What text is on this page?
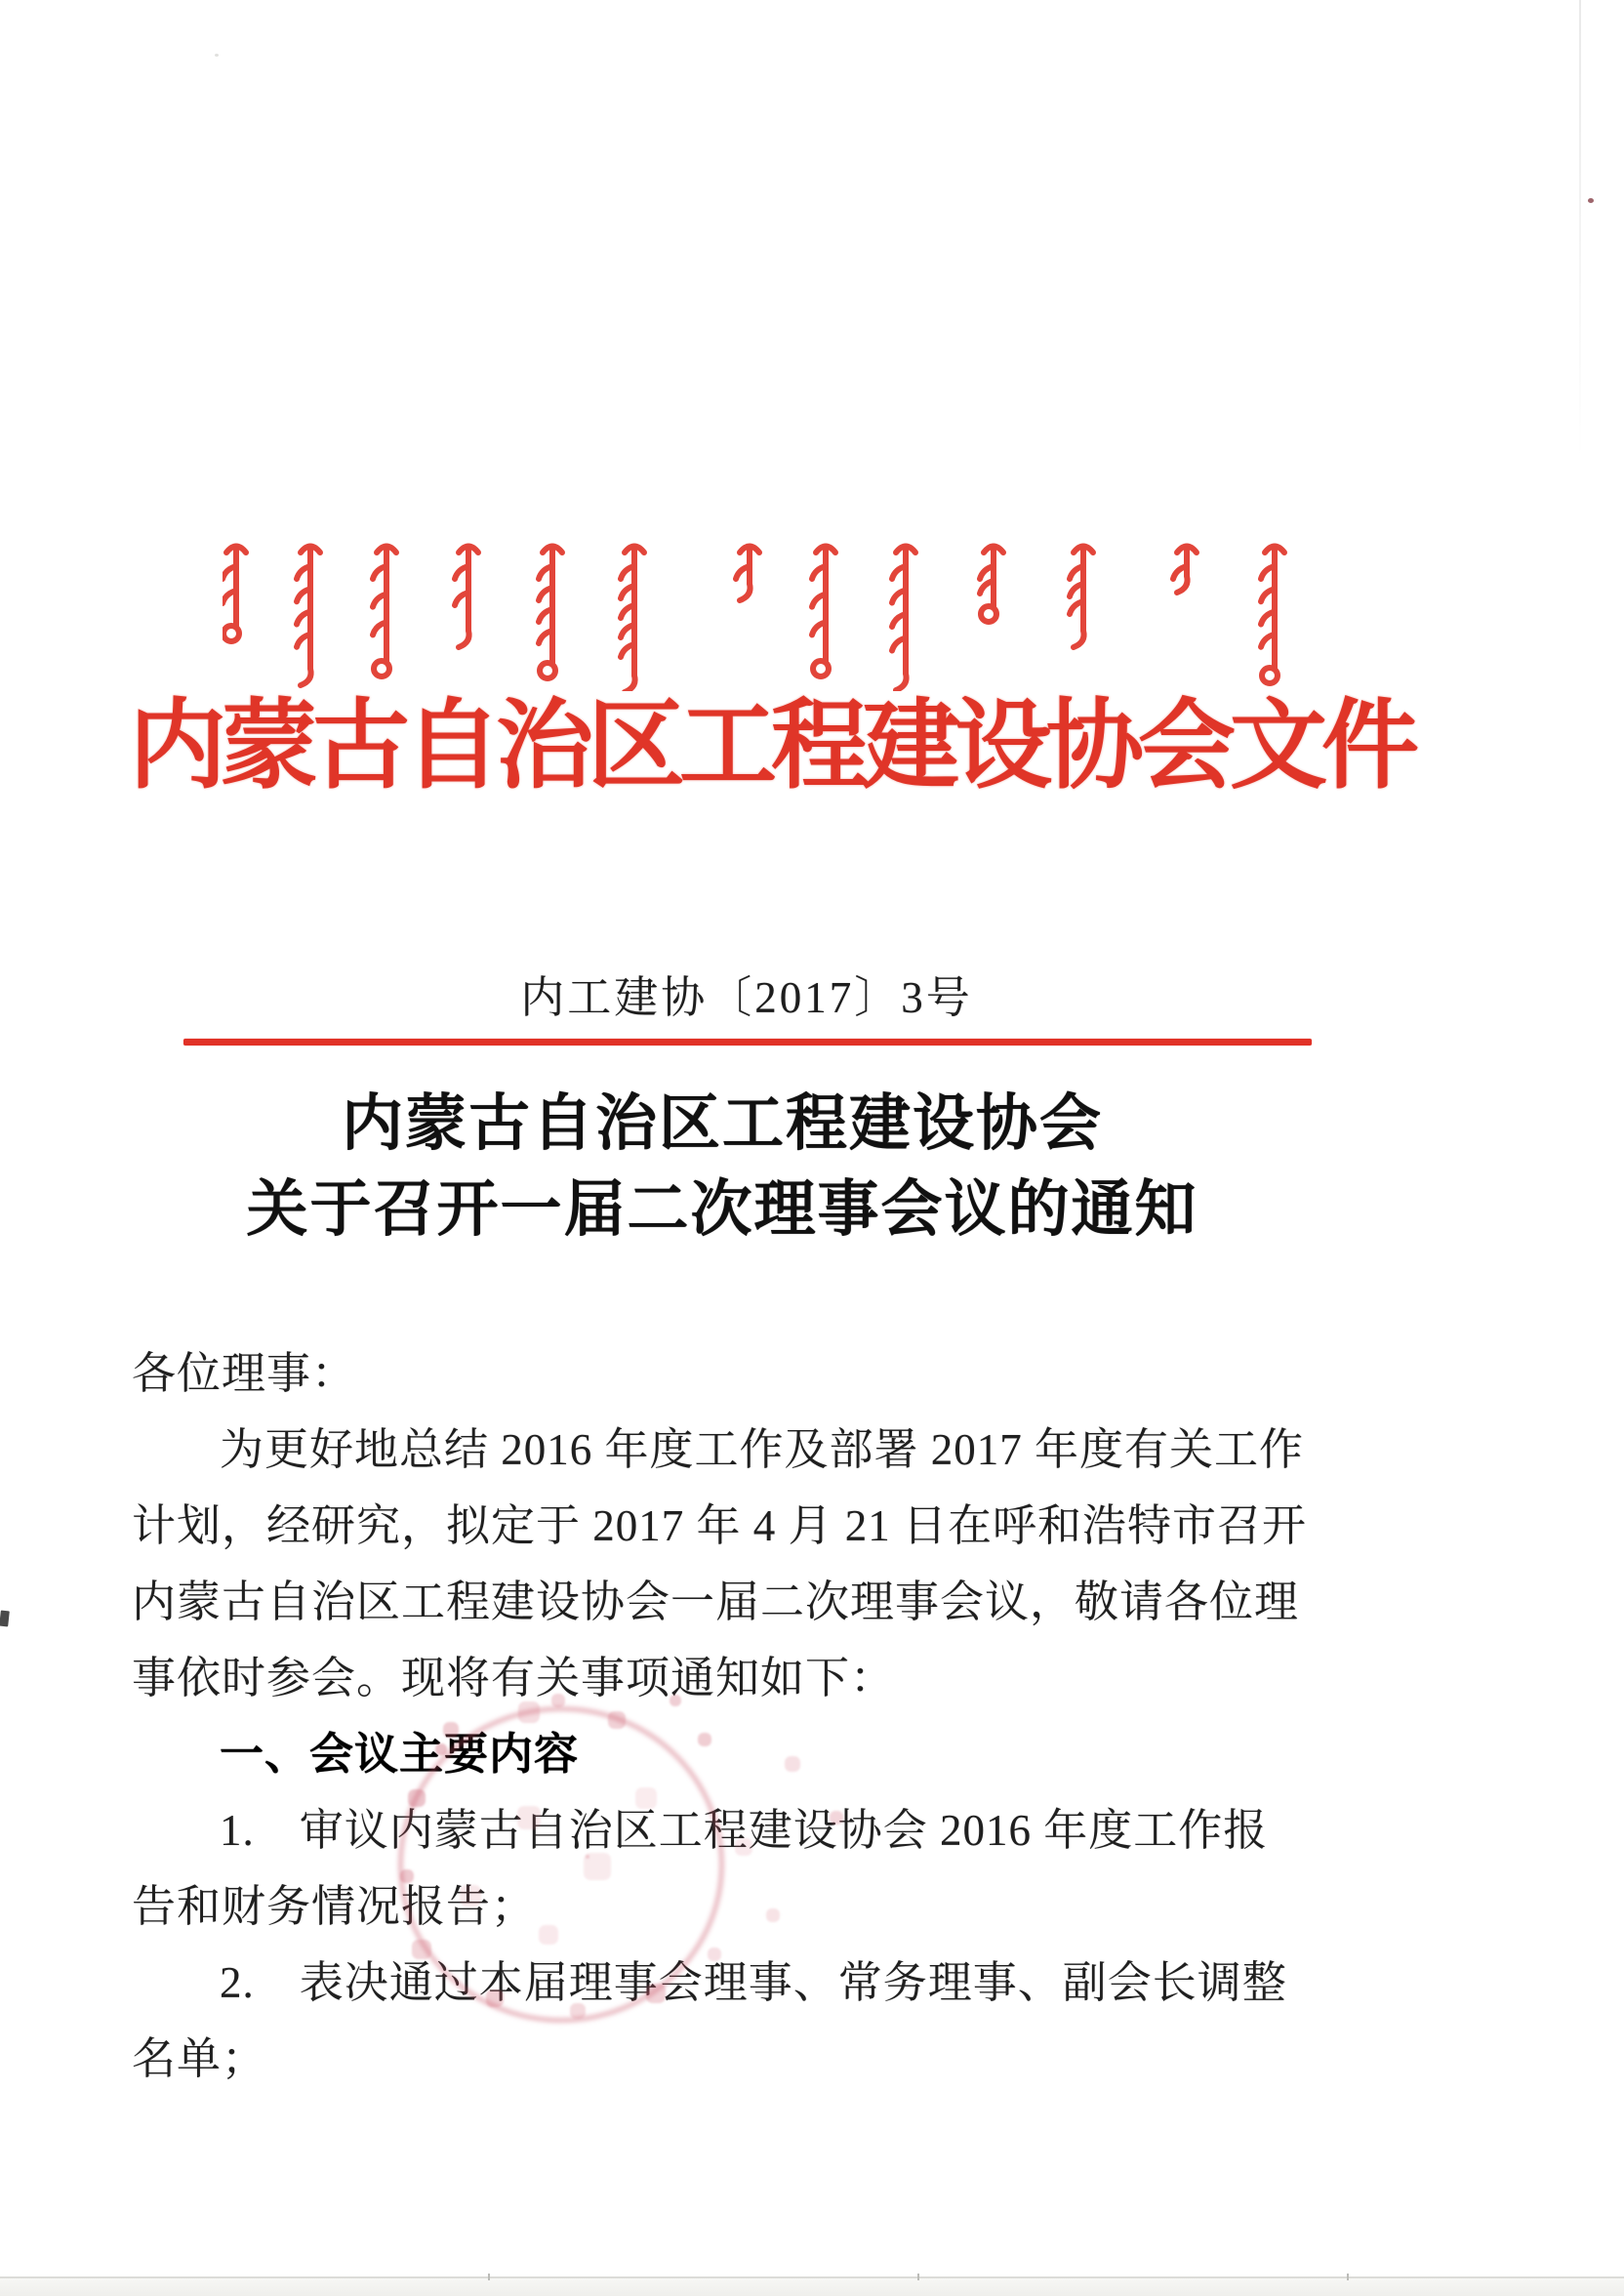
内蒙古自治区工程建设协会文件
内工建协〔2017〕3号
内蒙古自治区工程建设协会
关于召开一届二次理事会议的通知
各位理事：
为更好地总结 2016 年度工作及部署 2017 年度有关工作
计划，经研究，拟定于 2017 年 4 月 21 日在呼和浩特市召开
内蒙古自治区工程建设协会一届二次理事会议，敬请各位理
事依时参会。现将有关事项通知如下：
一、会议主要内容
1.　审议内蒙古自治区工程建设协会 2016 年度工作报
告和财务情况报告；
2.　表决通过本届理事会理事、常务理事、副会长调整
名单；
